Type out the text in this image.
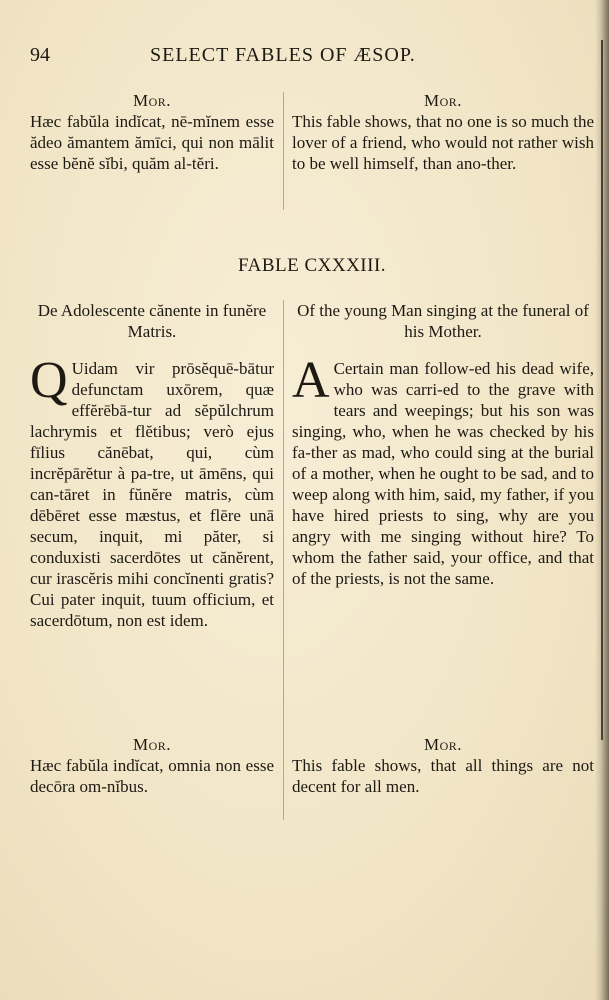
94	SELECT FABLES OF ÆSOP.
Mor.
Hæc fabŭla indĭcat, nē-mĭnem esse ădeo ămantem ămīci, qui non mālit esse bĕnĕ sĭbi, quăm al-tĕri.
Mor.
This fable shows, that no one is so much the lover of a friend, who would not rather wish to be well himself, than ano-ther.
FABLE CXXXIII.
De Adolescente cănente in funĕre Matris.
Of the young Man singing at the funeral of his Mother.
Q Uidam vir prōsĕquē-bātur defunctam uxōrem, quæ effĕrēbā-tur ad sĕpŭlchrum lachrymis et flĕtibus; verò ejus fīlius cănēbat, qui, cùm incrĕpārĕtur à pa-tre, ut āmēns, qui can-tāret in fŭnĕre matris, cùm dēbēret esse mæstus, et flēre unā secum, inquit, mi păter, si conduxisti sacerdōtes ut cănĕrent, cur irascĕris mihi concĭnenti gratis? Cui pater inquit, tuum officium, et sacerdōtum, non est idem.
A Certain man follow-ed his dead wife, who was carri-ed to the grave with tears and weepings; but his son was singing, who, when he was checked by his fa-ther as mad, who could sing at the burial of a mother, when he ought to be sad, and to weep along with him, said, my father, if you have hired priests to sing, why are you angry with me singing without hire? To whom the father said, your office, and that of the priests, is not the same.
Mor.
Hæc fabŭla indĭcat, omnia non esse decōra om-nĭbus.
Mor.
This fable shows, that all things are not decent for all men.
